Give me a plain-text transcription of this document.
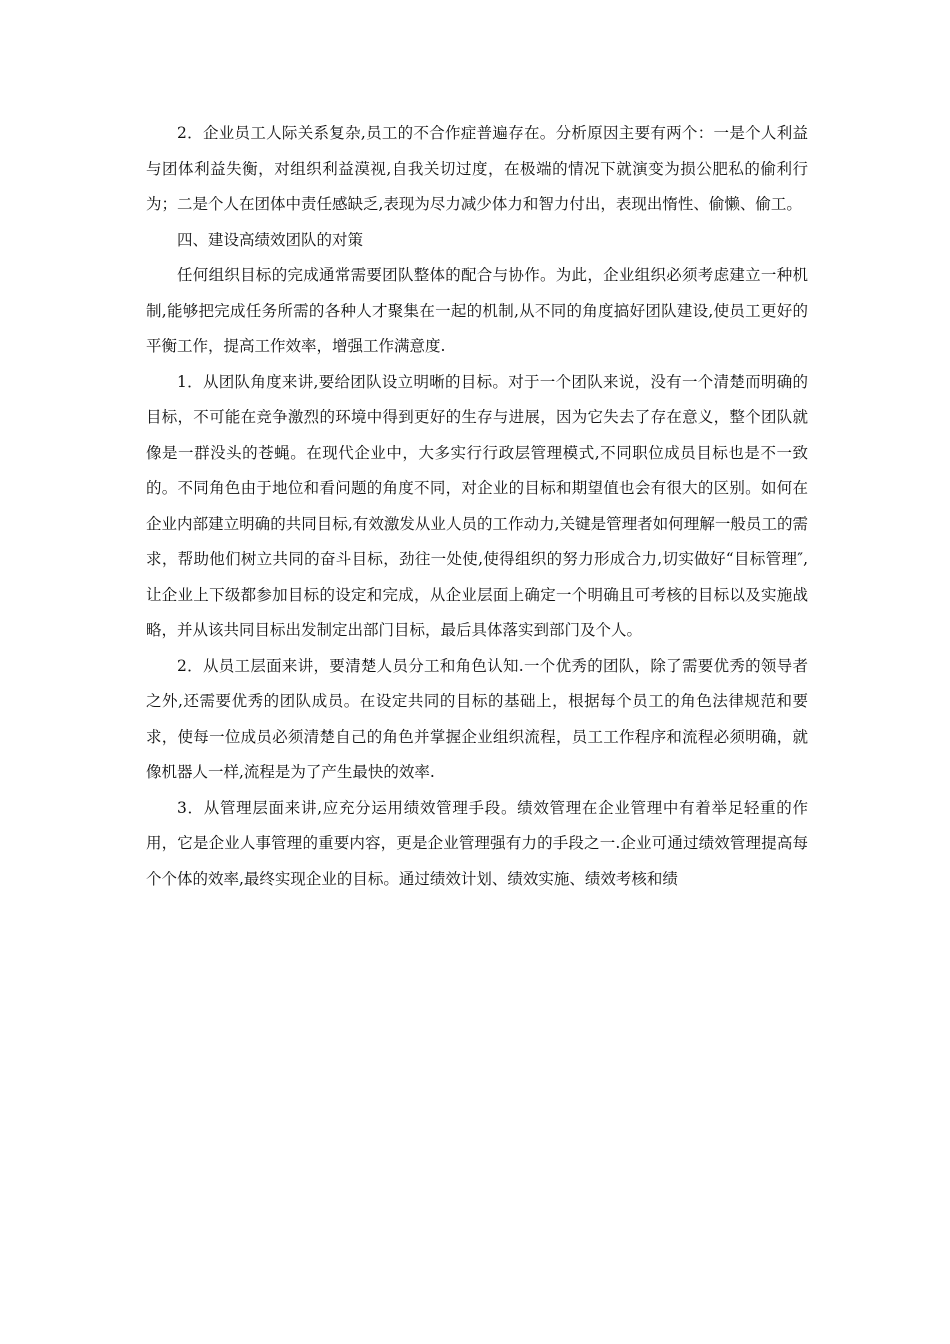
2．企业员工人际关系复杂,员工的不合作症普遍存在。分析原因主要有两个：一是个人利益与团体利益失衡，对组织利益漠视,自我关切过度，在极端的情况下就演变为损公肥私的偷利行为；二是个人在团体中责任感缺乏,表现为尽力减少体力和智力付出，表现出惰性、偷懒、偷工。

四、建设高绩效团队的对策

任何组织目标的完成通常需要团队整体的配合与协作。为此，企业组织必须考虑建立一种机制,能够把完成任务所需的各种人才聚集在一起的机制,从不同的角度搞好团队建设,使员工更好的平衡工作，提高工作效率，增强工作满意度.

1．从团队角度来讲,要给团队设立明晰的目标。对于一个团队来说，没有一个清楚而明确的目标，不可能在竞争激烈的环境中得到更好的生存与进展，因为它失去了存在意义，整个团队就像是一群没头的苍蝇。在现代企业中，大多实行行政层管理模式,不同职位成员目标也是不一致的。不同角色由于地位和看问题的角度不同，对企业的目标和期望值也会有很大的区别。如何在企业内部建立明确的共同目标,有效激发从业人员的工作动力,关键是管理者如何理解一般员工的需求，帮助他们树立共同的奋斗目标，劲往一处使,使得组织的努力形成合力,切实做好“目标管理″,让企业上下级都参加目标的设定和完成，从企业层面上确定一个明确且可考核的目标以及实施战略，并从该共同目标出发制定出部门目标，最后具体落实到部门及个人。

2．从员工层面来讲，要清楚人员分工和角色认知.一个优秀的团队，除了需要优秀的领导者之外,还需要优秀的团队成员。在设定共同的目标的基础上，根据每个员工的角色法律规范和要求，使每一位成员必须清楚自己的角色并掌握企业组织流程，员工工作程序和流程必须明确，就像机器人一样,流程是为了产生最快的效率.

3．从管理层面来讲,应充分运用绩效管理手段。绩效管理在企业管理中有着举足轻重的作用，它是企业人事管理的重要内容，更是企业管理强有力的手段之一.企业可通过绩效管理提高每个个体的效率,最终实现企业的目标。通过绩效计划、绩效实施、绩效考核和绩
